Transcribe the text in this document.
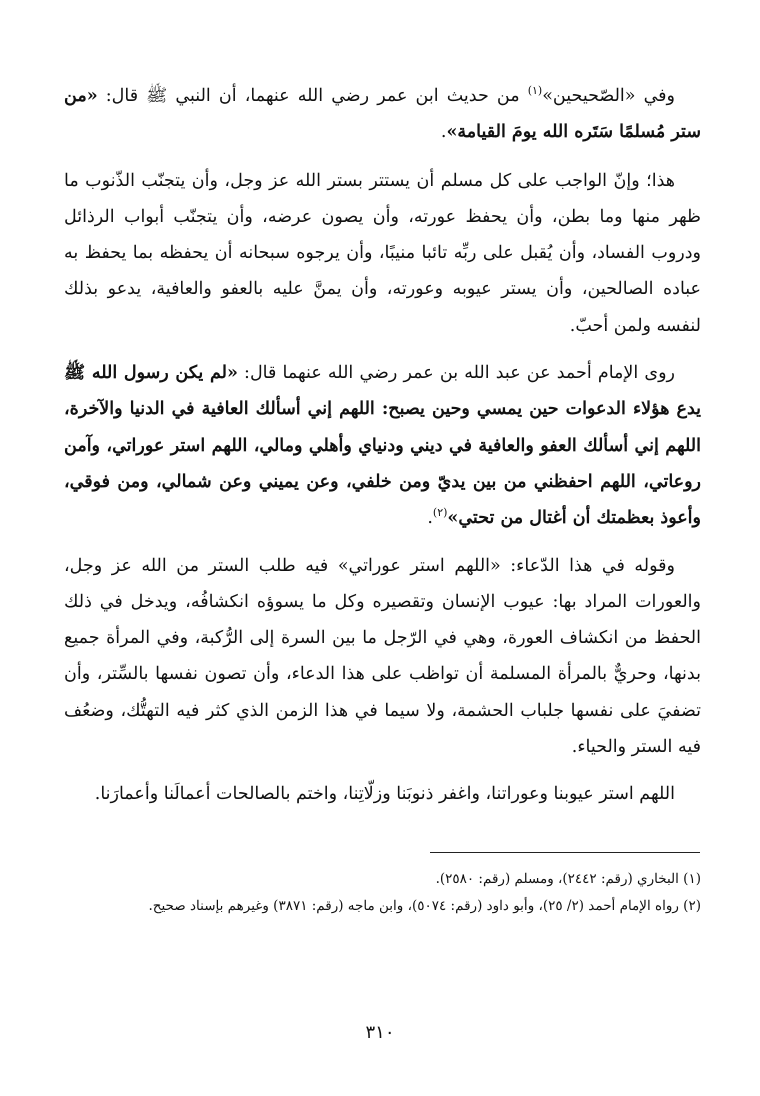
وفي «الصّحيحين»$^{(١)}$ من حديث ابن عمر رضي الله عنهما، أن النبي ﷺ قال: «من ستر مُسلمًا سَتَره الله يومَ القيامة».

هذا؛ وإنّ الواجب على كل مسلم أن يستتر بستر الله عز وجل، وأن يتجنّب الذّنوب ما ظهر منها وما بطن، وأن يحفظ عورته، وأن يصون عرضه، وأن يتجنّب أبواب الرذائل ودروب الفساد، وأن يُقبل على ربِّه تائبا منيبًا، وأن يرجوه سبحانه أن يحفظه بما يحفظ به عباده الصالحين، وأن يستر عيوبه وعورته، وأن يمنَّ عليه بالعفو والعافية، يدعو بذلك لنفسه ولمن أحبّ.

روى الإمام أحمد عن عبد الله بن عمر رضي الله عنهما قال: «لم يكن رسول الله ﷺ يدع هؤلاء الدعوات حين يمسي وحين يصبح: اللهم إني أسألك العافية في الدنيا والآخرة، اللهم إني أسألك العفو والعافية في ديني ودنياي وأهلي ومالي، اللهم استر عوراتي، وآمن روعاتي، اللهم احفظني من بين يديّ ومن خلفي، وعن يميني وعن شمالي، ومن فوقي، وأعوذ بعظمتك أن أغتال من تحتي»$^{(٢)}$.

وقوله في هذا الدّعاء: «اللهم استر عوراتي» فيه طلب الستر من الله عز وجل، والعورات المراد بها: عيوب الإنسان وتقصيره وكل ما يسوؤه انكشافُه، ويدخل في ذلك الحفظ من انكشاف العورة، وهي في الرّجل ما بين السرة إلى الرُّكبة، وفي المرأة جميع بدنها، وحريٌّ بالمرأة المسلمة أن تواظب على هذا الدعاء، وأن تصون نفسها بالسِّتر، وأن تضفيَ على نفسها جلباب الحشمة، ولا سيما في هذا الزمن الذي كثر فيه التهتُّك، وضعُف فيه الستر والحياء.

اللهم استر عيوبنا وعوراتنا، واغفر ذنوبَنا وزلّاتِنا، واختم بالصالحات أعمالَنا وأعمارَنا.

(١) البخاري (رقم: ٢٤٤٢)، ومسلم (رقم: ٢٥٨٠).

(٢) رواه الإمام أحمد (٢/ ٢٥)، وأبو داود (رقم: ٥٠٧٤)، وابن ماجه (رقم: ٣٨٧١) وغيرهم بإسناد صحيح.

٣١٠
